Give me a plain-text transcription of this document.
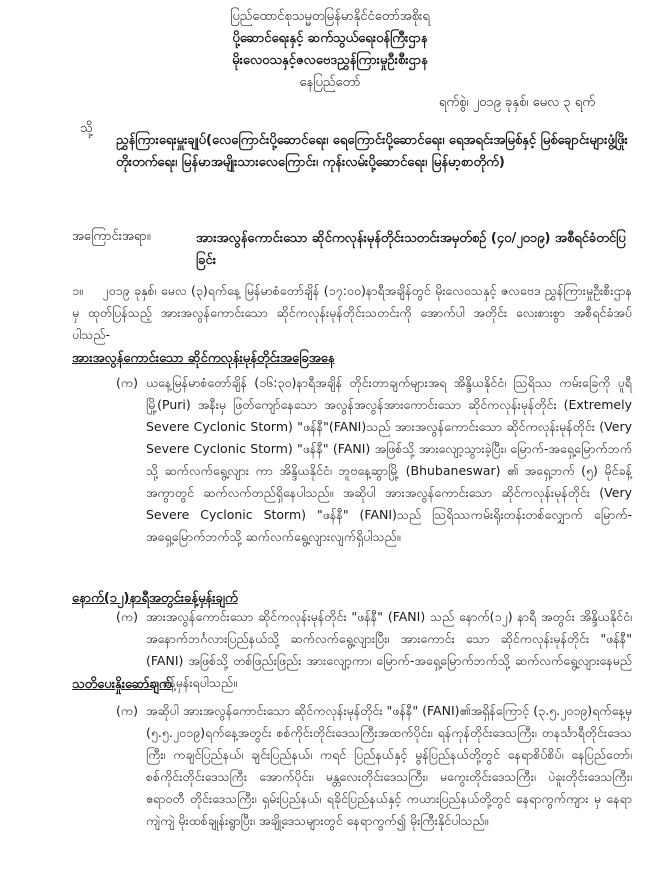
ပြည်ထောင်စုသမ္မတမြန်မာနိုင်ငံတော်အစိုးရ
ပို့ဆောင်ရေးနှင့် ဆက်သွယ်ရေးဝန်ကြီးဌာန
မိုးလေဝသနှင့်ဇလဗေဒညွှန်ကြားမှုဦးစီးဌာန
နေပြည်တော်
ရက်စွဲ၊ ၂၀၁၉ ခုနှစ်၊ မေလ ၃ ရက်
သို့
ညွှန်ကြားရေးမှူးချုပ်(လေကြောင်းပို့ဆောင်ရေး၊ ရေကြောင်းပို့ဆောင်ရေး၊ ရေအရင်းအမြစ်နှင့် မြစ်ချောင်းများဖွံ့ဖြိုးတိုးတက်ရေး၊ မြန်မာအမျိုးသားလေကြောင်း၊ ကုန်းလမ်းပို့ဆောင်ရေး၊ မြန်မာ့စာတိုက်)
အကြောင်းအရာ။	အားအလွန်ကောင်းသော ဆိုင်ကလုန်းမုန်တိုင်းသတင်းအမှတ်စဉ် (၄၀/၂၀၁၉) အစီရင်ခံတင်ပြခြင်း
၁။ ၂၀၁၉ ခုနှစ်၊ မေလ (၃)ရက်နေ့ မြန်မာစံတော်ချိန် (၁၇:၀၀)နာရီအချိန်တွင် မိုးလေဝသနှင့် ဇလဗေဒ ညွှန်ကြားမှုဦးစီးဌာနမှ ထုတ်ပြန်သည့် အားအလွန်ကောင်းသော ဆိုင်ကလုန်းမုန်တိုင်းသတင်းကို အောက်ပါ အတိုင်း လေးစားစွာ အစီရင်ခံအပ်ပါသည်-
အားအလွန်ကောင်းသော ဆိုင်ကလုန်းမုန်တိုင်းအခြေအနေ
(က) ယနေ့မြန်မာစံတော်ချိန် (၁၆:၃၀)နာရီအချိန် တိုင်းတာချက်များအရ အိန္ဒိယနိုင်ငံ၊ ဩရိဿ ကမ်းခြေကို ပူရီမြို့(Puri) အနီးမှ ဖြတ်ကျော်နေသော အလွန်အလွန်အားကောင်းသော ဆိုင်ကလုန်းမုန်တိုင်း (Extremely Severe Cyclonic Storm) "ဖန်နီ"(FANI)သည် အားအလွန်ကောင်းသော ဆိုင်ကလုန်းမုန်တိုင်း (Very Severe Cyclonic Storm) "ဖန်နီ" (FANI) အဖြစ်သို့ အားလျော့သွားခဲ့ပြီး၊ မြောက်-အရှေ့မြောက်ဘက်သို့ ဆက်လက်ရွေ့လျား ကာ အိန္ဒိယနိုင်ငံ၊ ဘူဗနေ့ဆွာမြို့ (Bhubaneswar) ၏ အရှေ့ဘက် (၅) မိုင်ခန့်အကွာတွင် ဆက်လက်တည်ရှိနေပါသည်။ အဆိုပါ အားအလွန်ကောင်းသော ဆိုင်ကလုန်းမုန်တိုင်း (Very Severe Cyclonic Storm) "ဖန်နီ" (FANI)သည် ဩရိဿကမ်းရိုးတန်းတစ်လျှောက် မြောက်-အရှေ့မြောက်ဘက်သို့ ဆက်လက်ရွေ့လျားလျက်ရှိပါသည်။
နောက်(၁၂)နာရီအတွင်းခန့်မှန်းချက်
(က) အားအလွန်ကောင်းသော ဆိုင်ကလုန်းမုန်တိုင်း "ဖန်နီ" (FANI) သည် နောက်(၁၂) နာရီ အတွင်း အိန္ဒိယနိုင်ငံ၊ အနောက်ဘင်္ဂလားပြည်နယ်သို့ ဆက်လက်ရွေ့လျားပြီး၊ အားကောင်း သော ဆိုင်ကလုန်းမုန်တိုင်း "ဖန်နီ" (FANI) အဖြစ်သို့ တစ်ဖြည်းဖြည်း အားလျော့ကာ၊ မြောက်-အရှေ့မြောက်ဘက်သို့ ဆက်လက်ရွေ့လျားနေမည်ဟု ခန့်မှန်းရပါသည်။
သတိပေးနှိုးဆော်ချက်
(က) အဆိုပါ အားအလွန်ကောင်းသော ဆိုင်ကလုန်းမုန်တိုင်း "ဖန်နီ" (FANI)၏အရှိန်ကြောင့် (၃.၅.၂၀၁၉)ရက်နေ့မှ (၅.၅.၂၀၁၉)ရက်နေ့အတွင်း စစ်ကိုင်းတိုင်းဒေသကြီးအထက်ပိုင်း၊ ရန်ကုန်တိုင်းဒေသကြီး၊ တနင်္သာရီတိုင်းဒေသကြီး၊ ကချင်ပြည်နယ်၊ ချင်းပြည်နယ်၊ ကရင် ပြည်နယ်နှင့် မွန်ပြည်နယ်တို့တွင် နေရာစိပ်စိပ်၊ နေပြည်တော်၊ စစ်ကိုင်းတိုင်းဒေသကြီး အောက်ပိုင်း၊ မန္တလေးတိုင်းဒေသကြီး၊ မကွေးတိုင်းဒေသကြီး၊ ပဲခူးတိုင်းဒေသကြီး၊ ဧရာဝတီ တိုင်းဒေသကြီး၊ ရှမ်းပြည်နယ်၊ ရခိုင်ပြည်နယ်နှင့် ကယားပြည်နယ်တို့တွင် နေရာကွက်ကျား မှ နေရာကျဲကျဲ မိုးထစ်ချုန်းရွာပြီး၊ အချို့ဒေသများတွင် နေရာကွက်၍ မိုးကြီးနိုင်ပါသည်။
